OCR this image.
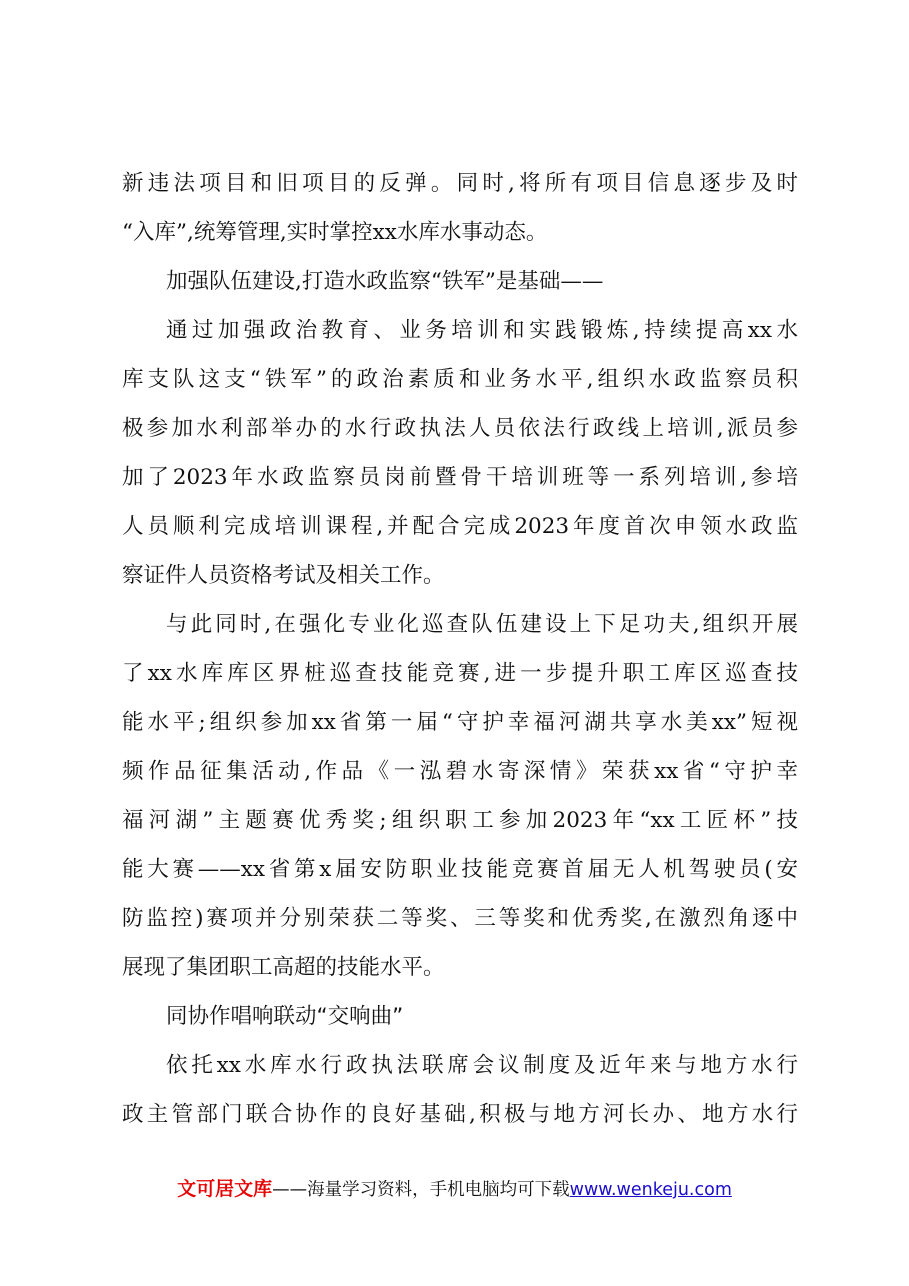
新违法项目和旧项目的反弹。同时,将所有项目信息逐步及时
“入库”,统筹管理,实时掌控xx水库水事动态。
加强队伍建设,打造水政监察“铁军”是基础——
通过加强政治教育、业务培训和实践锻炼,持续提高xx水
库支队这支“铁军”的政治素质和业务水平,组织水政监察员积
极参加水利部举办的水行政执法人员依法行政线上培训,派员参
加了2023年水政监察员岗前暨骨干培训班等一系列培训,参培
人员顺利完成培训课程,并配合完成2023年度首次申领水政监
察证件人员资格考试及相关工作。
与此同时,在强化专业化巡查队伍建设上下足功夫,组织开展
了xx水库库区界桩巡查技能竞赛,进一步提升职工库区巡查技
能水平;组织参加xx省第一届“守护幸福河湖共享水美xx”短视
频作品征集活动,作品《一泓碧水寄深情》荣获xx省“守护幸
福河湖”主题赛优秀奖;组织职工参加2023年“xx工匠杯”技
能大赛——xx省第x届安防职业技能竞赛首届无人机驾驶员(安
防监控)赛项并分别荣获二等奖、三等奖和优秀奖,在激烈角逐中
展现了集团职工高超的技能水平。
同协作唱响联动“交响曲”
依托xx水库水行政执法联席会议制度及近年来与地方水行
政主管部门联合协作的良好基础,积极与地方河长办、地方水行
文可居文库——海量学习资料，手机电脑均可下载www.wenkeju.com
